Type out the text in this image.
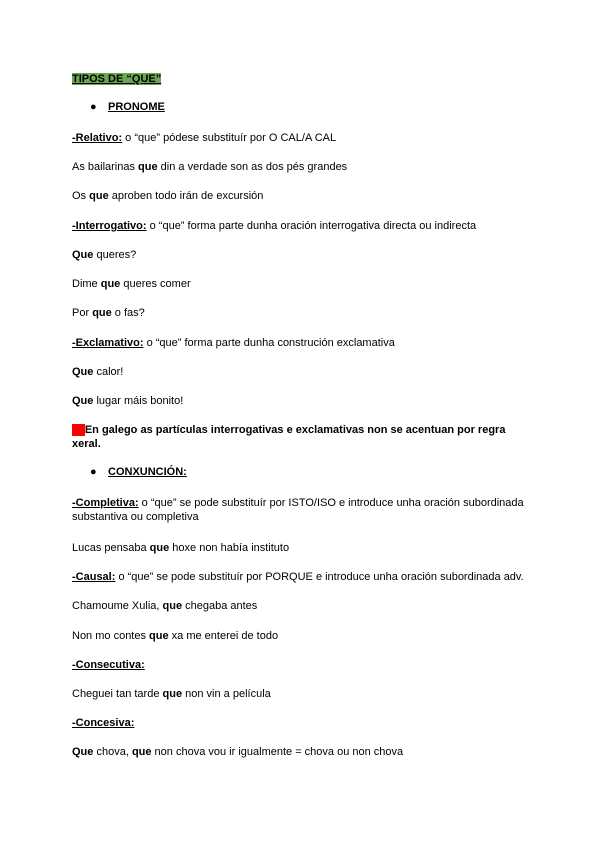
TIPOS DE “QUE”
● PRONOME
-Relativo: o “que” pódese substituír por O CAL/A CAL
As bailarinas que din a verdade son as dos pés grandes
Os que aproben todo irán de excursión
-Interrogativo: o “que” forma parte dunha oración interrogativa directa ou indirecta
Que queres?
Dime que queres comer
Por que o fas?
-Exclamativo: o “que” forma parte dunha construción exclamativa
Que calor!
Que lugar máis bonito!
***En galego as partículas interrogativas e exclamativas non se acentuan por regra xeral.
● CONXUNCIÓN:
-Completiva: o “que” se pode substituír por ISTO/ISO e introduce unha oración subordinada substantiva ou completiva
Lucas pensaba que hoxe non había instituto
-Causal: o “que” se pode substituír por PORQUE e introduce unha oración subordinada adv.
Chamoume Xulia, que chegaba antes
Non mo contes que xa me enterei de todo
-Consecutiva:
Cheguei tan tarde que non vin a película
-Concesiva:
Que chova, que non chova vou ir igualmente = chova ou non chova
